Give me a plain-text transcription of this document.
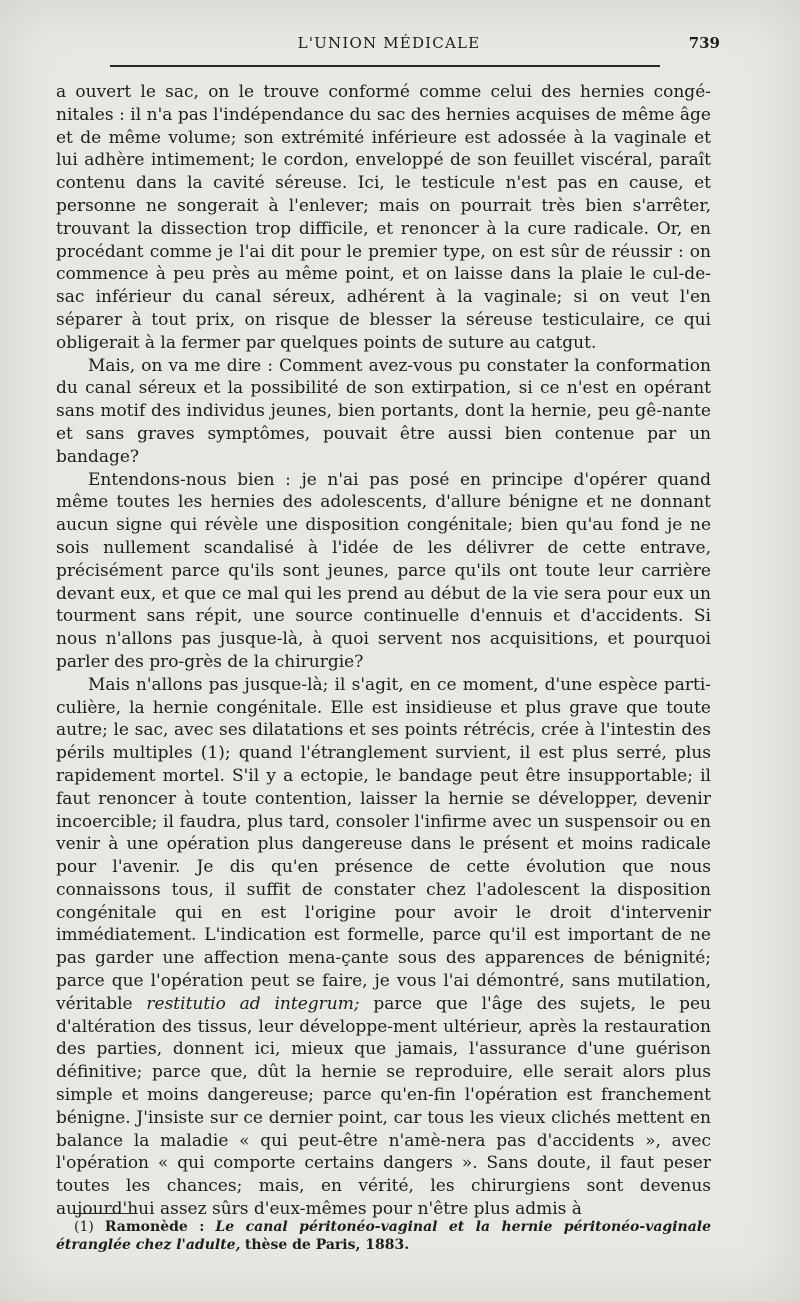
L'UNION MÉDICALE	739

a ouvert le sac, on le trouve conformé comme celui des hernies congé-nitales : il n'a pas l'indépendance du sac des hernies acquises de même âge et de même volume; son extrémité inférieure est adossée à la vaginale et lui adhère intimement; le cordon, enveloppé de son feuillet viscéral, paraît contenu dans la cavité séreuse. Ici, le testicule n'est pas en cause, et personne ne songerait à l'enlever; mais on pourrait très bien s'arrêter, trouvant la dissection trop difficile, et renoncer à la cure radicale. Or, en procédant comme je l'ai dit pour le premier type, on est sûr de réussir : on commence à peu près au même point, et on laisse dans la plaie le cul-de-sac inférieur du canal séreux, adhérent à la vaginale; si on veut l'en séparer à tout prix, on risque de blesser la séreuse testiculaire, ce qui obligerait à la fermer par quelques points de suture au catgut.

Mais, on va me dire : Comment avez-vous pu constater la conformation du canal séreux et la possibilité de son extirpation, si ce n'est en opérant sans motif des individus jeunes, bien portants, dont la hernie, peu gê-nante et sans graves symptômes, pouvait être aussi bien contenue par un bandage?

Entendons-nous bien : je n'ai pas posé en principe d'opérer quand même toutes les hernies des adolescents, d'allure bénigne et ne donnant aucun signe qui révèle une disposition congénitale; bien qu'au fond je ne sois nullement scandalisé à l'idée de les délivrer de cette entrave, précisément parce qu'ils sont jeunes, parce qu'ils ont toute leur carrière devant eux, et que ce mal qui les prend au début de la vie sera pour eux un tourment sans répit, une source continuelle d'ennuis et d'accidents. Si nous n'allons pas jusque-là, à quoi servent nos acquisitions, et pourquoi parler des pro-grès de la chirurgie?

Mais n'allons pas jusque-là; il s'agit, en ce moment, d'une espèce parti-culière, la hernie congénitale. Elle est insidieuse et plus grave que toute autre; le sac, avec ses dilatations et ses points rétrécis, crée à l'intestin des périls multiples (1); quand l'étranglement survient, il est plus serré, plus rapidement mortel. S'il y a ectopie, le bandage peut être insupportable; il faut renoncer à toute contention, laisser la hernie se développer, devenir incoercible; il faudra, plus tard, consoler l'infirme avec un suspensoir ou en venir à une opération plus dangereuse dans le présent et moins radicale pour l'avenir. Je dis qu'en présence de cette évolution que nous connaissons tous, il suffit de constater chez l'adolescent la disposition congénitale qui en est l'origine pour avoir le droit d'intervenir immédiatement. L'indication est formelle, parce qu'il est important de ne pas garder une affection mena-çante sous des apparences de bénignité; parce que l'opération peut se faire, je vous l'ai démontré, sans mutilation, véritable restitutio ad integrum; parce que l'âge des sujets, le peu d'altération des tissus, leur développe-ment ultérieur, après la restauration des parties, donnent ici, mieux que jamais, l'assurance d'une guérison définitive; parce que, dût la hernie se reproduire, elle serait alors plus simple et moins dangereuse; parce qu'en-fin l'opération est franchement bénigne. J'insiste sur ce dernier point, car tous les vieux clichés mettent en balance la maladie « qui peut-être n'amè-nera pas d'accidents », avec l'opération « qui comporte certains dangers ». Sans doute, il faut peser toutes les chances; mais, en vérité, les chirurgiens sont devenus aujourd'hui assez sûrs d'eux-mêmes pour n'être plus admis à

(1) Ramonède : Le canal péritonéo-vaginal et la hernie péritonéo-vaginale étranglée chez l'adulte, thèse de Paris, 1883.
